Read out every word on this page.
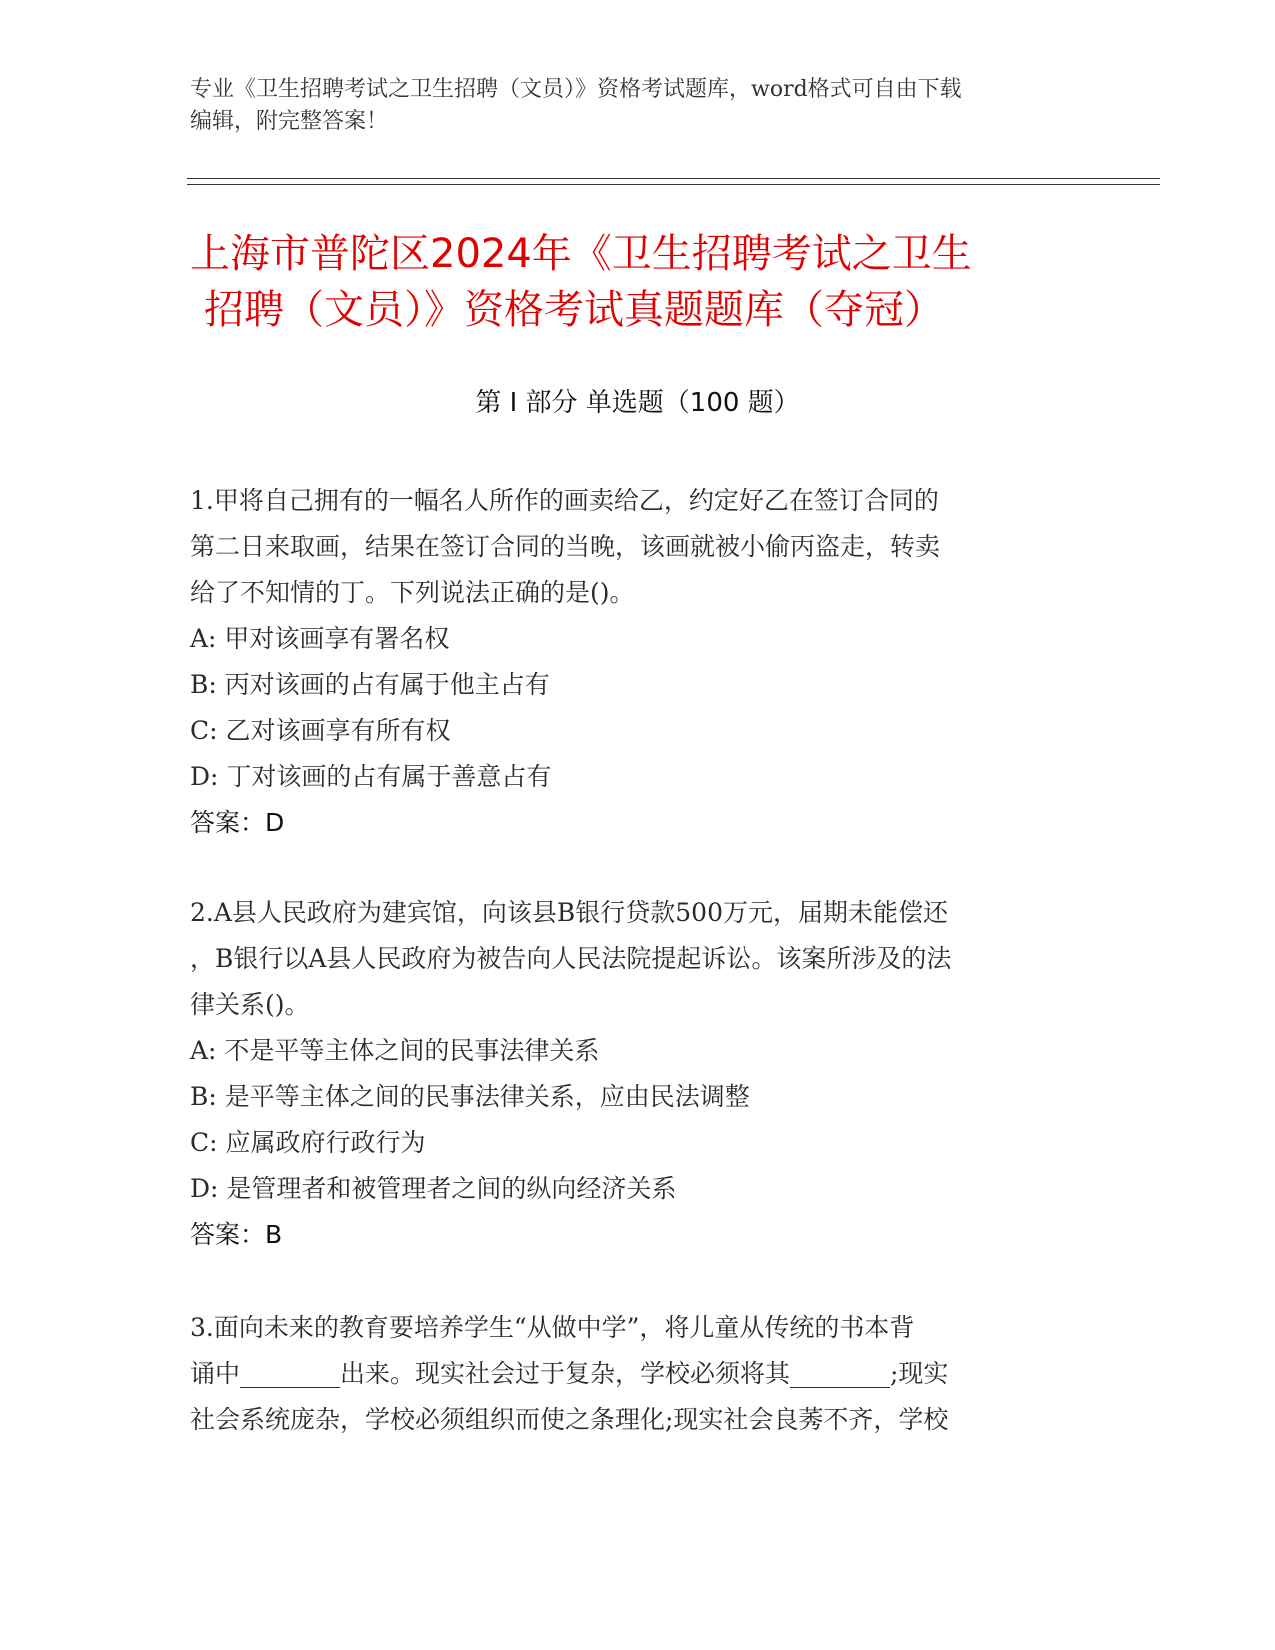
专业《卫生招聘考试之卫生招聘（文员）》资格考试题库，word格式可自由下载
编辑，附完整答案！
上海市普陀区2024年《卫生招聘考试之卫生
招聘（文员）》资格考试真题题库（夺冠）
第 I 部分 单选题（100 题）

1.甲将自己拥有的一幅名人所作的画卖给乙，约定好乙在签订合同的

第二日来取画，结果在签订合同的当晚，该画就被小偷丙盗走，转卖

给了不知情的丁。下列说法正确的是()。

A: 甲对该画享有署名权

B: 丙对该画的占有属于他主占有

C: 乙对该画享有所有权

D: 丁对该画的占有属于善意占有

答案：D

2.A县人民政府为建宾馆，向该县B银行贷款500万元，届期未能偿还

，B银行以A县人民政府为被告向人民法院提起诉讼。该案所涉及的法

律关系()。

A: 不是平等主体之间的民事法律关系

B: 是平等主体之间的民事法律关系，应由民法调整

C: 应属政府行政行为

D: 是管理者和被管理者之间的纵向经济关系

答案：B

3.面向未来的教育要培养学生“从做中学”，将儿童从传统的书本背

诵中________出来。现实社会过于复杂，学校必须将其________;现实

社会系统庞杂，学校必须组织而使之条理化;现实社会良莠不齐，学校
